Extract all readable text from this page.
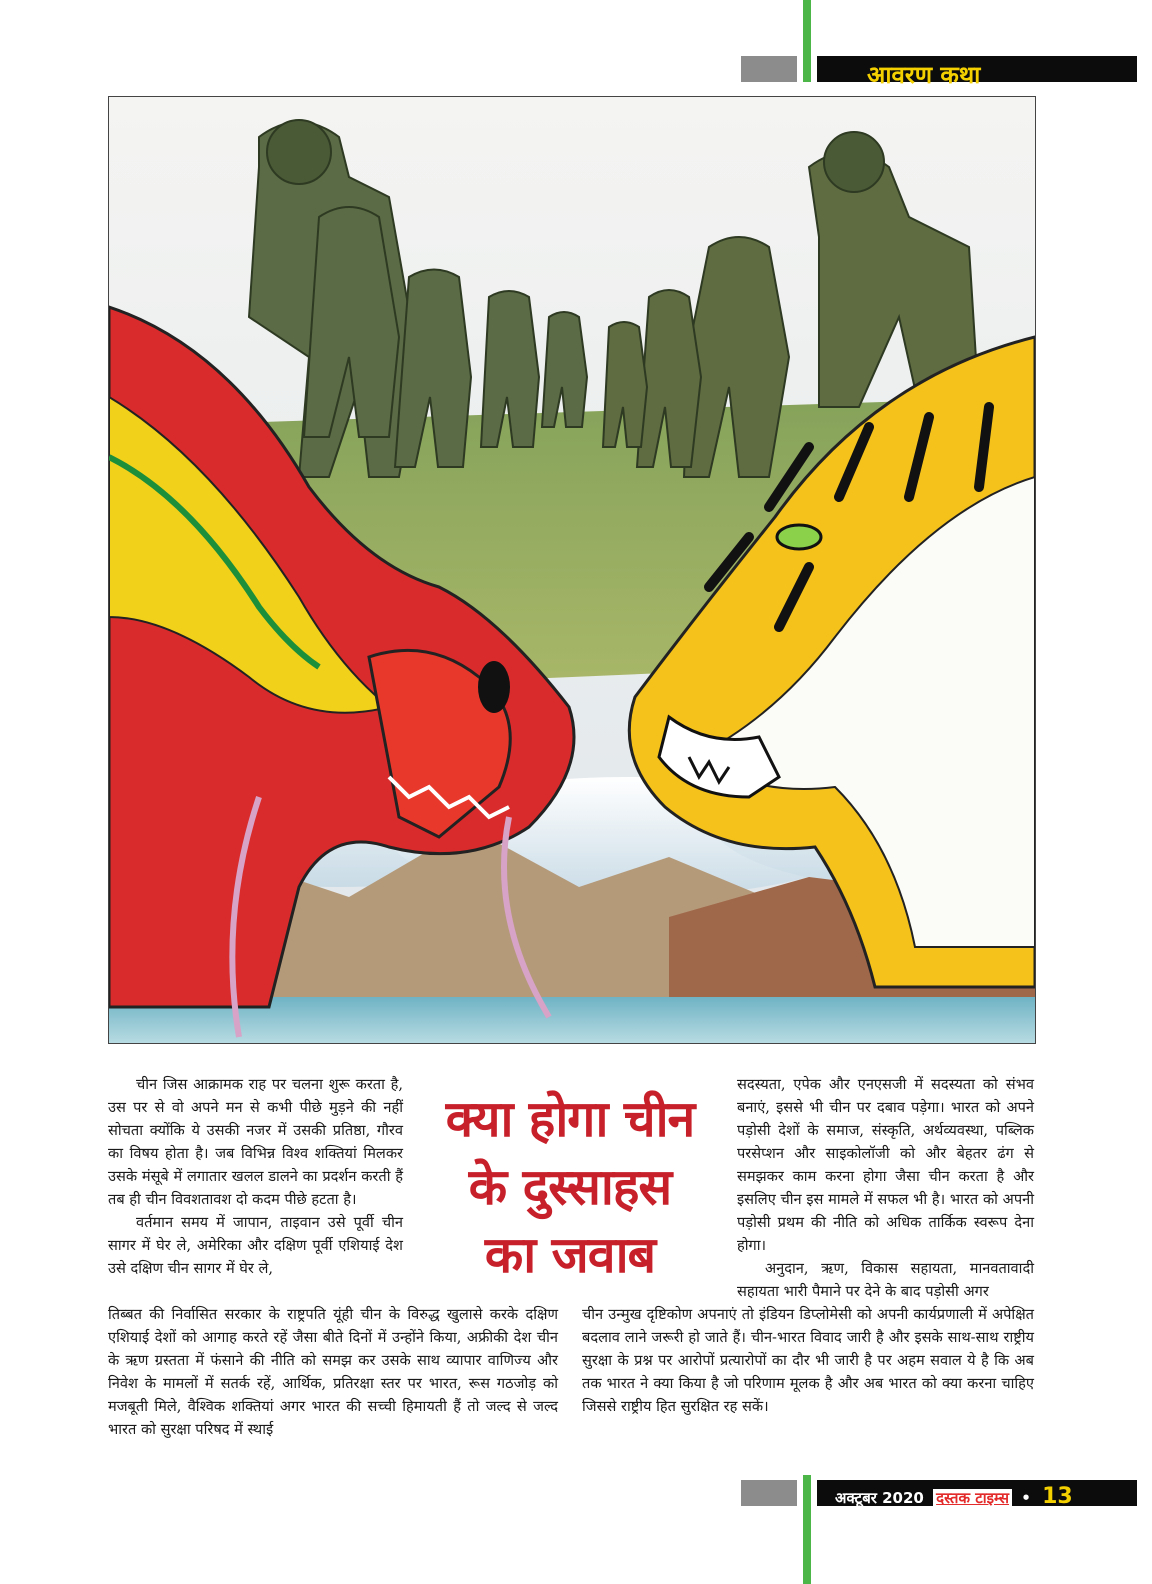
आवरण कथा

चीन जिस आक्रामक राह पर चलना शुरू करता है, उस पर से वो अपने मन से कभी पीछे मुड़ने की नहीं सोचता क्योंकि ये उसकी नजर में उसकी प्रतिष्ठा, गौरव का विषय होता है। जब विभिन्न विश्व शक्तियां मिलकर उसके मंसूबे में लगातार खलल डालने का प्रदर्शन करती हैं तब ही चीन विवशतावश दो कदम पीछे हटता है।

वर्तमान समय में जापान, ताइवान उसे पूर्वी चीन सागर में घेर ले, अमेरिका और दक्षिण पूर्वी एशियाई देश उसे दक्षिण चीन सागर में घेर ले,

क्या होगा चीन
के दुस्साहस
का जवाब

सदस्यता, एपेक और एनएसजी में सदस्यता को संभव बनाएं, इससे भी चीन पर दबाव पड़ेगा। भारत को अपने पड़ोसी देशों के समाज, संस्कृति, अर्थव्यवस्था, पब्लिक परसेप्शन और साइकोलॉजी को और बेहतर ढंग से समझकर काम करना होगा जैसा चीन करता है और इसलिए चीन इस मामले में सफल भी है। भारत को अपनी पड़ोसी प्रथम की नीति को अधिक तार्किक स्वरूप देना होगा।

अनुदान, ऋण, विकास सहायता, मानवतावादी सहायता भारी पैमाने पर देने के बाद पड़ोसी अगर

तिब्बत की निर्वासित सरकार के राष्ट्रपति यूंही चीन के विरुद्ध खुलासे करके दक्षिण एशियाई देशों को आगाह करते रहें जैसा बीते दिनों में उन्होंने किया, अफ्रीकी देश चीन के ऋण ग्रस्तता में फंसाने की नीति को समझ कर उसके साथ व्यापार वाणिज्य और निवेश के मामलों में सतर्क रहें, आर्थिक, प्रतिरक्षा स्तर पर भारत, रूस गठजोड़ को मजबूती मिले, वैश्विक शक्तियां अगर भारत की सच्ची हिमायती हैं तो जल्द से जल्द भारत को सुरक्षा परिषद में स्थाई

चीन उन्मुख दृष्टिकोण अपनाएं तो इंडियन डिप्लोमेसी को अपनी कार्यप्रणाली में अपेक्षित बदलाव लाने जरूरी हो जाते हैं। चीन-भारत विवाद जारी है और इसके साथ-साथ राष्ट्रीय सुरक्षा के प्रश्न पर आरोपों प्रत्यारोपों का दौर भी जारी है पर अहम सवाल ये है कि अब तक भारत ने क्या किया है जो परिणाम मूलक है और अब भारत को क्या करना चाहिए जिससे राष्ट्रीय हित सुरक्षित रह सकें।

अक्टूबर 2020 दस्तक टाइम्स • 13
